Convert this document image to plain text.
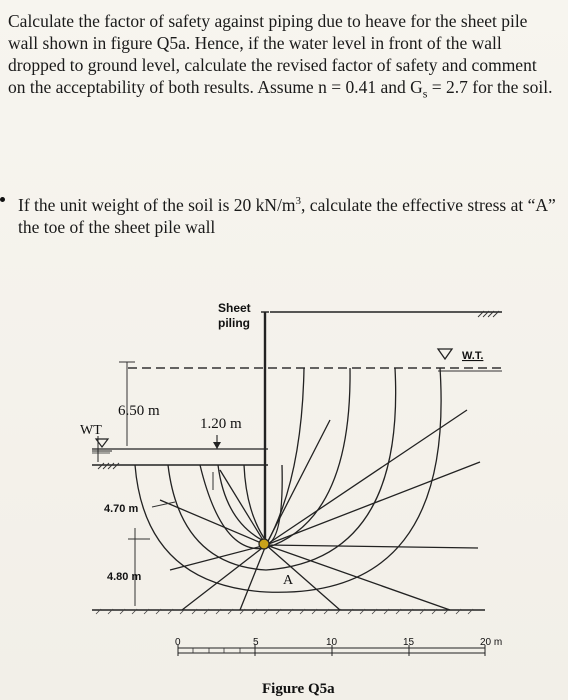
Calculate the factor of safety against piping due to heave for the sheet pile wall shown in figure Q5a. Hence, if the water level in front of the wall dropped to ground level, calculate the revised factor of safety and comment on the acceptability of both results. Assume n = 0.41 and $G_s = 2.7$ for the soil.
If the unit weight of the soil is 20 $kN/m^3$, calculate the effective stress at “A” the toe of the sheet pile wall
A
Sheet
piling
W.T.
WT
6.50 m
1.20 m
4.70 m
4.80 m
0	5	10	15	20 m
Figure Q5a
